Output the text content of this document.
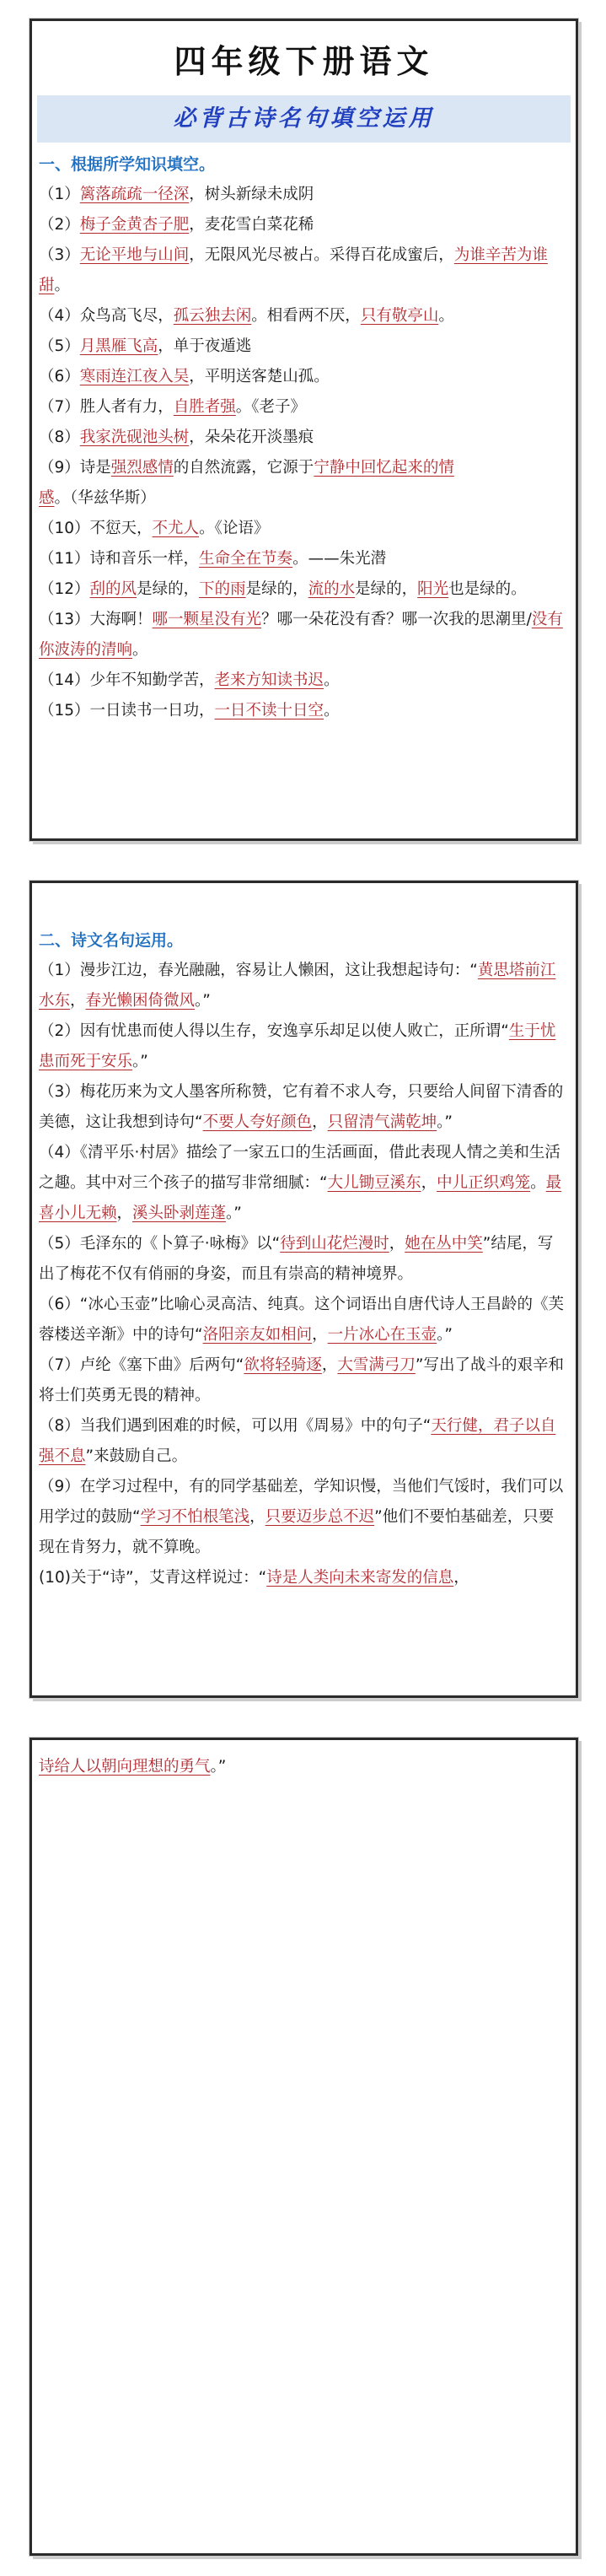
四年级下册语文
必背古诗名句填空运用
一、根据所学知识填空。
（1）篱落疏疏一径深，树头新绿未成阴
（2）梅子金黄杏子肥，麦花雪白菜花稀
（3）无论平地与山间，无限风光尽被占。采得百花成蜜后，为谁辛苦为谁甜。
（4）众鸟高飞尽，孤云独去闲。相看两不厌，只有敬亭山。
（5）月黑雁飞高，单于夜遁逃
（6）寒雨连江夜入吴，平明送客楚山孤。
（7）胜人者有力，自胜者强。《老子》
（8）我家洗砚池头树，朵朵花开淡墨痕
（9）诗是强烈感情的自然流露，它源于宁静中回忆起来的情感。（华兹华斯）
（10）不愆天，不尤人。《论语》
（11）诗和音乐一样，生命全在节奏。——朱光潜
（12）刮的风是绿的，下的雨是绿的，流的水是绿的，阳光也是绿的。
（13）大海啊！哪一颗星没有光？哪一朵花没有香？哪一次我的思潮里/没有你波涛的清响。
（14）少年不知勤学苦，老来方知读书迟。
（15）一日读书一日功，一日不读十日空。
二、诗文名句运用。
（1）漫步江边，春光融融，容易让人懒困，这让我想起诗句：“黄思塔前江水东，春光懒困倚微风。”
（2）因有忧患而使人得以生存，安逸享乐却足以使人败亡，正所谓“生于忧患而死于安乐。”
（3）梅花历来为文人墨客所称赞，它有着不求人夸，只要给人间留下清香的美德，这让我想到诗句“不要人夸好颜色，只留清气满乾坤。”
（4）《清平乐·村居》描绘了一家五口的生活画面，借此表现人情之美和生活之趣。其中对三个孩子的描写非常细腻：“大儿锄豆溪东，中儿正织鸡笼。最喜小儿无赖，溪头卧剥莲蓬。”
（5）毛泽东的《卜算子·咏梅》以“待到山花烂漫时，她在丛中笑”结尾，写出了梅花不仅有俏丽的身姿，而且有崇高的精神境界。
（6）“冰心玉壶”比喻心灵高洁、纯真。这个词语出自唐代诗人王昌龄的《芙蓉楼送辛渐》中的诗句“洛阳亲友如相问，一片冰心在玉壶。”
（7）卢纶《塞下曲》后两句“欲将轻骑逐，大雪满弓刀”写出了战斗的艰辛和将士们英勇无畏的精神。
（8）当我们遇到困难的时候，可以用《周易》中的句子“天行健，君子以自强不息”来鼓励自己。
（9）在学习过程中，有的同学基础差，学知识慢，当他们气馁时，我们可以用学过的鼓励“学习不怕根笔浅，只要迈步总不迟”他们不要怕基础差，只要现在肯努力，就不算晚。
(10)关于“诗”，艾青这样说过：“诗是人类向未来寄发的信息，
诗给人以朝向理想的勇气。”
